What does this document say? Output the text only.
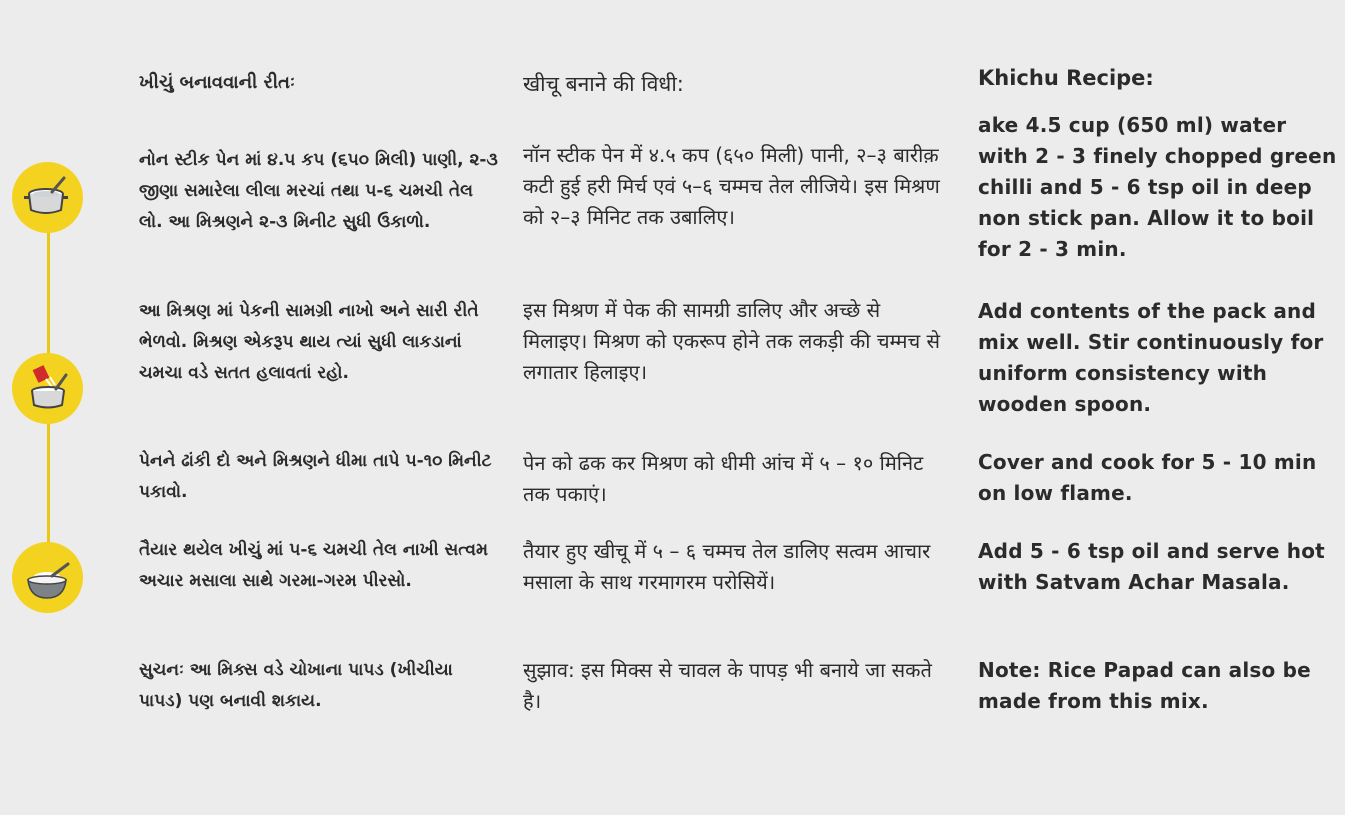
ખીચું બનાવવાની રીતઃ
નોન સ્ટીક પેન માં ૪.૫ કપ (૬૫૦ મિલી) પાણી, ૨-૩ જીણા સમારેલા લીલા મરચાં તથા ૫-૬ ચમચી તેલ લો. આ મિશ્રણને ૨-૩ મિનીટ સુધી ઉકાળો.
આ મિશ્રણ માં પેકની સામગ્રી નાખો અને સારી રીતે ભેળવો. મિશ્રણ એકરૂપ થાય ત્યાં સુધી લાકડાનાં ચમચા વડે સતત હલાવતાં રહો.
પેનને ઢાંકી દો અને મિશ્રણને ધીમા તાપે ૫-૧૦ મિનીટ પકાવો.
તૈયાર થયેલ ખીચું માં ૫-૬ ચમચી તેલ નાખી સત્વમ અચાર મસાલા સાથે ગરમા-ગરમ પીરસો.
સુચનઃ આ મિક્સ વડે ચોખાના પાપડ (ખીચીયા પાપડ) પણ બનાવી શકાય.
खीचू बनाने की विधी:
नॉन स्टीक पेन में ४.५ कप (६५० मिली) पानी, २–३ बारीक़ कटी हुई हरी मिर्च एवं ५–६ चम्मच तेल लीजिये। इस मिश्रण को २–३ मिनिट तक उबालिए।
इस मिश्रण में पेक की सामग्री डालिए और अच्छे से मिलाइए। मिश्रण को एकरूप होने तक लकड़ी की चम्मच से लगातार हिलाइए।
पेन को ढक कर मिश्रण को धीमी आंच में ५ – १० मिनिट तक पकाएं।
तैयार हुए खीचू में ५ – ६ चम्मच तेल डालिए सत्वम आचार मसाला के साथ गरमागरम परोसियें।
सुझाव: इस मिक्स से चावल के पापड़ भी बनाये जा सकते है।
Khichu Recipe:
ake 4.5 cup (650 ml) water with 2 - 3 finely chopped green chilli and 5 - 6 tsp oil in deep non stick pan. Allow it to boil for 2 - 3 min.
Add contents of the pack and mix well. Stir continuously for uniform consistency with wooden spoon.
Cover and cook for 5 - 10 min on low flame.
Add 5 - 6 tsp oil and serve hot with Satvam Achar Masala.
Note: Rice Papad can also be made from this mix.
